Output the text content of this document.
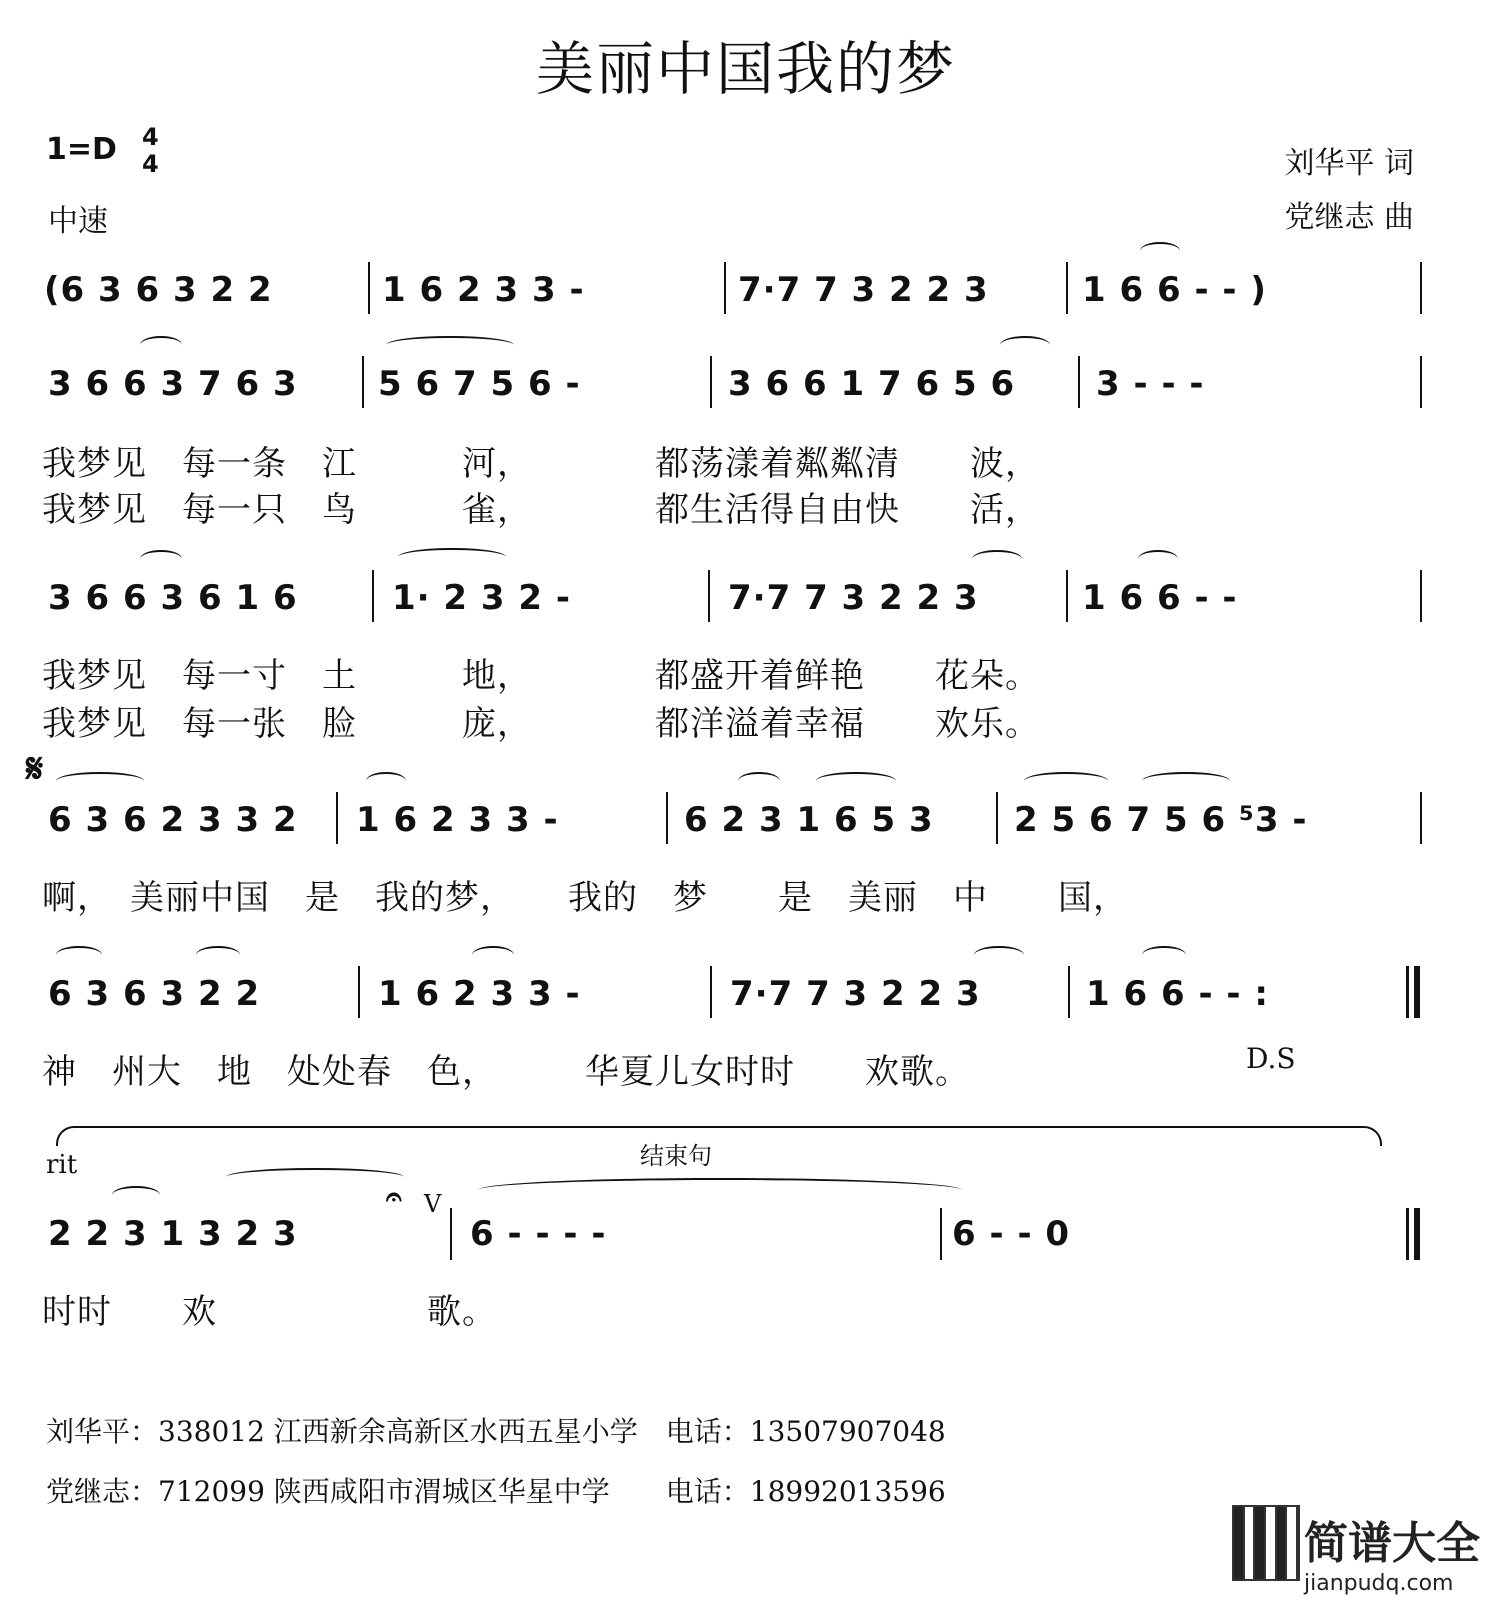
美丽中国我的梦
1=D 4
4
中速
刘华平 词
党继志 曲
(6 3 6 3 2 2	1 6 2 3 3 -	7·7 7 3 2 2 3	1 6 6 - - )
3 6 6 3 7 6 3 5 6 7 5 6 -	3 6 6 1 7 6 5 6 3 - - -
我梦见　每一条　江　　　河，　　　　都荡漾着粼粼清　　波，
我梦见　每一只　鸟　　　雀，　　　　都生活得自由快　　活，
3 6 6 3 6 1 6	1· 2 3 2 -	7·7 7 3 2 2 3	1 6 6 - -
我梦见　每一寸　土　　　地，　　　　都盛开着鲜艳　　花朵。
我梦见　每一张　脸　　　庞，　　　　都洋溢着幸福　　欢乐。
𝄋
6 3 6 2 3 3 2 1 6 2 3 3 -	6 2 3 1 6 5 3 2 5 6 7 5 6 ⁵3 -
啊，　美丽中国　是　我的梦，　　我的　梦　　是　美丽　中　　国，
6 3 6 3 2 2	1 6 2 3 3 -	7·7 7 3 2 2 3	1 6 6 - - :
神　州大　地　处处春　色，　　　华夏儿女时时　　欢歌。	D.S
结束句
rit
2 2 3 1 3 2 3
V
𝄐
6 - - - -	6 - - 0
时时　　欢　　　　　　歌。
刘华平：338012 江西新余高新区水西五星小学　电话：13507907048
党继志：712099 陕西咸阳市渭城区华星中学　　电话：18992013596
简谱大全
jianpudq.com
